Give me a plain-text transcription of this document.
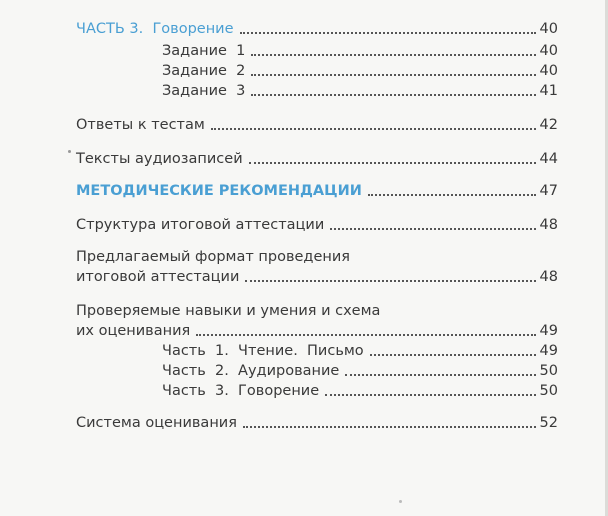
ЧАСТЬ 3.  Говорение	40
Задание  1	40
Задание  2	40
Задание  3	41
Ответы к тестам	42
Тексты аудиозаписей	44
МЕТОДИЧЕСКИЕ РЕКОМЕНДАЦИИ	47
Структура итоговой аттестации	48
Предлагаемый формат проведения
итоговой аттестации	48
Проверяемые навыки и умения и схема
их оценивания	49
Часть  1.  Чтение.  Письмо	49
Часть  2.  Аудирование	50
Часть  3.  Говорение	50
Система оценивания	52
